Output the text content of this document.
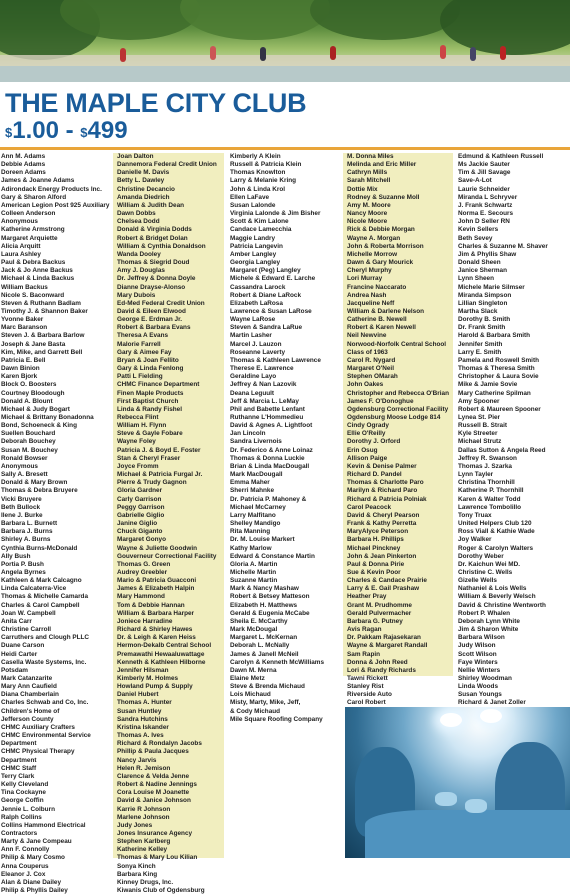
THE MAPLE CITY CLUB
$1.00 - $499
Ann M. Adams
Debbie Adams
Doreen Adams
James & Joanne Adams
Adirondack Energy Products Inc.
Gary & Sharon Alford
American Legion Post 925 Auxiliary
Colleen Anderson
Anonymous
Katherine Armstrong
Margaret Arquiette
Alicia Arquitt
Laura Ashley
Paul & Debra Backus
Jack & Jo Anne Backus
Michael & Linda Backus
William Backus
Nicole S. Baconward
Steven & Ruthann Badlam
Timothy J. & Shannon Baker
Yvonne Baker
Marc Baranson
Steven J. & Barbara Barlow
Joseph & Jane Basta
Kim, Mike, and Garrett Bell
Patricia E. Bell
Dawn Binion
Karen Bjork
Block O. Boosters
Courtney Bloodough
Donald A. Blount
Michael & Judy Bogart
Michael & Brittany Bonadonna
Bond, Schoeneck & King
Suellen Bouchard
Deborah Bouchey
Susan M. Bouchey
Ronald Bowser
Anonymous
Sally A. Bresett
Donald & Mary Brown
Thomas & Debra Bruyere
Vicki Bruyere
Beth Bullock
Ilene J. Burke
Barbara L. Burnett
Barbara J. Burns
Shirley A. Burns
Cynthia Burns-McDonald
Ally Bush
Portia P. Bush
Angela Byrnes
Kathleen & Mark Calcagno
Linda Calcaterra-Vice
Thomas & Michelle Camarda
Charles & Carol Campbell
Joan W. Campbell
Anita Carr
Christine Carroll
Carruthers and Clough PLLC
Duane Carson
Heidi Carter
Casella Waste Systems, Inc.
Potsdam
Mark Catanzarite
Mary Ann Caufield
Diana Chamberlain
Charles Schwab and Co, Inc.
Children's Home of
Jefferson County
CHMC Auxiliary Crafters
CHMC Environmental Service
Department
CHMC Physical Therapy
Department
CHMC Staff
Terry Clark
Kelly Cleveland
Tina Cockayne
George Coffin
Jennie L. Colburn
Ralph Collins
Collins Hammond Electrical
Contractors
Marty & Jane Compeau
Ann F. Connolly
Philip & Mary Cosmo
Anna Couperus
Eleanor J. Cox
Alan & Diane Dailey
Philip & Phyllis Dailey
Joan Dalton
Dannemora Federal Credit Union
Danielle M. Davis
Betty L. Dawley
Christine Decancio
Amanda Diedrich
William & Judith Dean
Dawn Dobbs
Chelsea Dodd
Donald & Virginia Dodds
Robert & Bridget Dolan
William & Cynthia Donaldson
Wanda Dooley
Thomas & Siegrid Doud
Amy J. Douglas
Dr. Jeffrey & Donna Doyle
Dianne Drayse-Alonso
Mary Dubois
Ed-Med Federal Credit Union
David & Eileen Elwood
George E. Erdman Jr.
Robert & Barbara Evans
Theresa A Evans
Malorie Farrell
Gary & Aimee Fay
Bryan & Joan Fellito
Gary & Linda Fenlong
Patti L Fielding
CHMC Finance Department
Finen Maple Products
First Baptist Church
Linda & Randy Fishel
Rebecca Flint
William H. Flynn
Steve & Gayle Fobare
Wayne Foley
Patricia J. & Boyd E. Foster
Stan & Cheryl Fraser
Joyce Fromm
Michael & Patricia Furgal Jr.
Pierre & Trudy Gagnon
Gloria Gardner
Carly Garrison
Peggy Garrison
Gabrielle Giglio
Janine Giglio
Chuck Giganto
Margaret Gonyo
Wayne & Juliette Goodwin
Gouverneur Correctional Facility
Thomas G. Green
Audrey Greebler
Mario & Patricia Guacconi
James & Elizabeth Halpin
Mary Hammond
Tom & Debbie Hannan
William & Barbara Harper
Joniece Harradine
Richard & Shirley Hawes
Dr. & Leigh & Karen Heiss
Hermon-Dekalb Central School
Premawathi Hewaaluwattage
Kenneth & Kathleen Hilborne
Jennifer Hilsman
Kimberly M. Holmes
Howland Pump & Supply
Daniel Hubert
Thomas A. Hunter
Susan Huntley
Sandra Hutchins
Kristina Iskander
Thomas A. Ives
Richard & Rondalyn Jacobs
Phillip & Paula Jacques
Nancy Jarvis
Helen R. Jemison
Clarence & Velda Jenne
Robert & Nadine Jennings
Cora Louise M Joanette
David & Janice Johnson
Karrie R Johnson
Marlene Johnson
Judy Jones
Jones Insurance Agency
Stephen Karlberg
Katherine Kelley
Thomas & Mary Lou Kilian
Sonya Kinch
Barbara King
Kinney Drugs, Inc.
Kiwanis Club of Ogdensburg
Kimberly A Klein
Russell & Patricia Klein
Thomas Knowlton
Larry & Melanie Kring
John & Linda Krol
Ellen LaFave
Susan Lalonde
Virginia Lalonde & Jim Bisher
Scott & Kim Lalone
Candace Lamecchia
Maggie Landry
Patricia Langevin
Amber Langley
Georgia Langley
Margaret (Peg) Langley
Michele & Edward E. Larche
Cassandra Larock
Robert & Diane LaRock
Elizabeth LaRosa
Lawrence & Susan LaRose
Wayne LaRose
Steven & Sandra LaRue
Martin Lasher
Marcel J. Lauzon
Roseanne Laverty
Thomas & Kathleen Lawrence
Therese E. Lawrence
Geraldine Layo
Jeffrey & Nan Lazovik
Deana Leguult
Jeff & Marcia L. LeMay
Phil and Babette Lenfant
Ruthanne L'Hommedieu
David & Agnes A. Lightfoot
Jan Lincoln
Sandra Livernois
Dr. Federico & Anne Loinaz
Thomas & Donna Luckie
Brian & Linda MacDougall
Mark MacDougall
Emma Maher
Sherri Mahnke
Dr. Patricia P. Mahoney &
Michael McCarney
Larry Malfitano
Shelley Mandigo
Rita Manning
Dr. M. Louise Markert
Kathy Marlow
Edward & Constance Martin
Gloria A. Martin
Michelle Martin
Suzanne Martin
Mark & Nancy Mashaw
Robert & Betsey Matteson
Elizabeth H. Matthews
Gerald & Eugenia McCabe
Sheila E. McCarthy
Mark McDougal
Margaret L. McKernan
Deborah L. McNally
James & Janell McNeil
Carolyn & Kenneth McWilliams
Dawn M. Merna
Elaine Metz
Steve & Brenda Michaud
Lois Michaud
Misty, Marty, Mike, Jeff,
& Cody Michaud
Mile Square Roofing Company
M. Donna Miles
Melinda and Eric Miller
Cathryn Mills
Sarah Mitchell
Dottie Mix
Rodney & Suzanne Moll
Amy M. Moore
Nancy Moore
Nicole Moore
Rick & Debbie Morgan
Wayne A. Morgan
John & Roberta Morrison
Michelle Morrow
Dawn & Gary Mourick
Cheryl Murphy
Lori Murray
Francine Naccarato
Andrea Nash
Jacqueline Neff
William & Darlene Nelson
Catherine B. Newell
Robert & Karen Newell
Neil Newvine
Norwood-Norfolk Central School
Class of 1963
Carol R. Nygard
Margaret O'Neil
Stephen OMarah
John Oakes
Christopher and Rebecca O'Brian
James F. O'Donoghue
Ogdensburg Correctional Facility
Ogdensburg Moose Lodge 814
Cindy Ogrady
Ellie O'Reilly
Dorothy J. Orford
Erin Osug
Allison Paige
Kevin & Denise Palmer
Richard D. Pandel
Thomas & Charlotte Paro
Marilyn & Richard Paro
Richard & Patricia Polniak
Carol Peacock
David & Cheryl Pearson
Frank & Kathy Perretta
MaryAlyce Peterson
Barbara H. Phillips
Michael Pinckney
John & Jean Pinkerton
Paul & Donna Pirie
Sue & Kevin Poor
Charles & Candace Prairie
Larry & E. Gail Prashaw
Heather Pray
Grant M. Prudhomme
Gerald Pulvermacher
Barbara G. Putney
Avis Ragan
Dr. Pakkam Rajasekaran
Wayne & Margaret Randall
Sam Rapin
Donna & John Reed
Lori & Randy Richards
Tawni Rickett
Stanley Rist
Riverside Auto
Carol Robert
Edmund & Kathleen Russell
Ms Jackie Sauter
Tim & Jill Savage
Save-A-Lot
Laurie Schneider
Miranda L Schryver
J. Frank Schwartz
Norma E. Secours
John D Seller RN
Kevin Sellers
Beth Sevey
Charles & Suzanne M. Shaver
Jim & Phyllis Shaw
Donald Sheen
Janice Sherman
Lynn Sheen
Michele Marie Silmser
Miranda Simpson
Lillian Singleton
Martha Slack
Dorothy B. Smith
Dr. Frank Smith
Harold & Barbara Smith
Jennifer Smith
Larry E. Smith
Pamela and Roswell Smith
Thomas & Theresa Smith
Christopher & Laura Sovie
Mike & Jamie Sovie
Mary Catherine Spilman
Amy Spooner
Robert & Maureen Spooner
Lynea St. Pier
Russell B. Strait
Kyle Streeter
Michael Strutz
Dallas Sutton & Angela Reed
Jeffrey R. Swanson
Thomas J. Szarka
Lynn Tayler
Christina Thornhill
Katherine P. Thornhill
Karen & Walter Todd
Lawrence Tombolillo
Tony Truax
United Helpers Club 120
Ross Viall & Kathie Wade
Joy Walker
Roger & Carolyn Walters
Dorothy Weber
Dr. Kaichun Wei MD.
Christine C. Wells
Gizelle Wells
Nathaniel & Lois Wells
William & Beverly Welsch
David & Christine Wentworth
Robert P. Whalen
Deborah Lynn White
Jim & Sharon White
Barbara Wilson
Judy Wilson
Scott Wilson
Faye Winters
Nellie Winters
Shirley Woodman
Linda Woods
Susan Youngs
Richard & Janet Zoller
